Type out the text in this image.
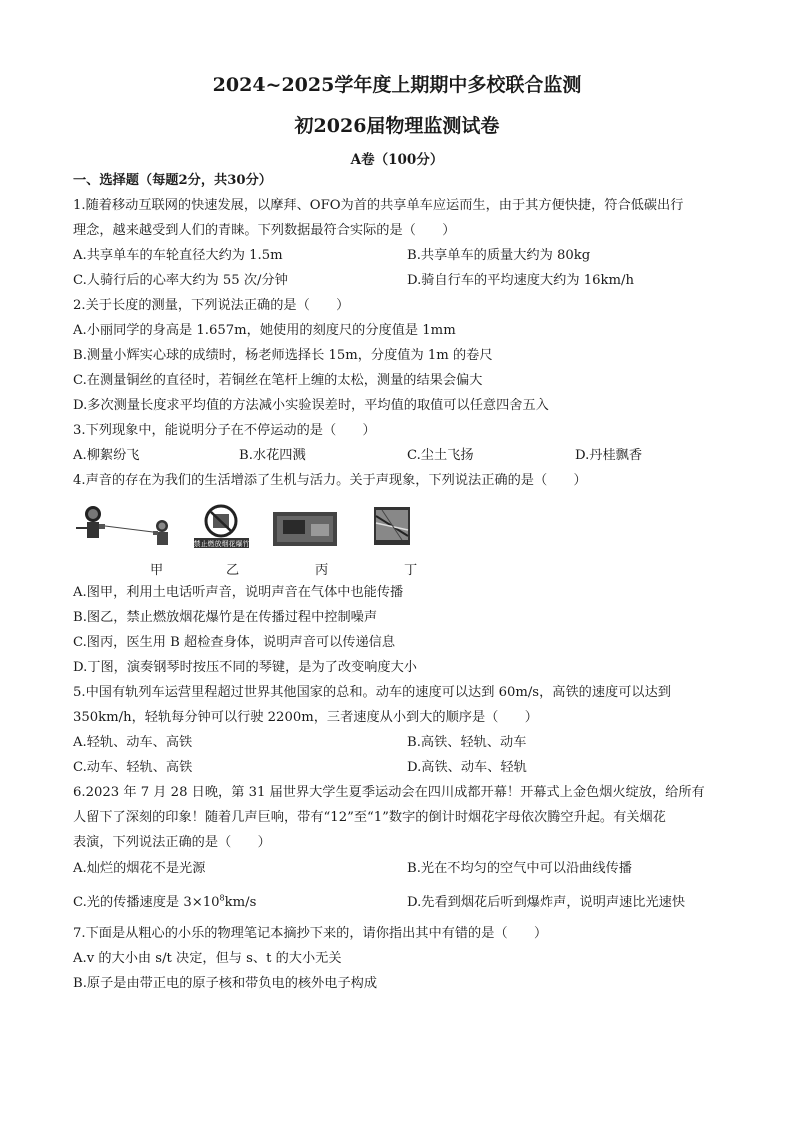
2024~2025学年度上期期中多校联合监测
初2026届物理监测试卷
A卷（100分）
一、选择题（每题2分，共30分）
1.随着移动互联网的快速发展，以摩拜、OFO为首的共享单车应运而生，由于其方便快捷，符合低碳出行
理念，越来越受到人们的青睐。下列数据最符合实际的是（　　）
A.共享单车的车轮直径大约为 1.5m	B.共享单车的质量大约为 80kg
C.人骑行后的心率大约为 55 次/分钟	D.骑自行车的平均速度大约为 16km/h
2.关于长度的测量，下列说法正确的是（　　）
A.小丽同学的身高是 1.657m，她使用的刻度尺的分度值是 1mm
B.测量小辉实心球的成绩时，杨老师选择长 15m，分度值为 1m 的卷尺
C.在测量铜丝的直径时，若铜丝在笔杆上缠的太松，测量的结果会偏大
D.多次测量长度求平均值的方法减小实验误差时，平均值的取值可以任意四舍五入
3.下列现象中，能说明分子在不停运动的是（　　）
A.柳絮纷飞	B.水花四溅	C.尘土飞扬	D.丹桂飘香
4.声音的存在为我们的生活增添了生机与活力。关于声现象，下列说法正确的是（　　）
禁止燃放烟花爆竹
甲	乙	丙	丁
A.图甲，利用土电话听声音，说明声音在气体中也能传播
B.图乙，禁止燃放烟花爆竹是在传播过程中控制噪声
C.图丙，医生用 B 超检查身体，说明声音可以传递信息
D.丁图，演奏钢琴时按压不同的琴键，是为了改变响度大小
5.中国有轨列车运营里程超过世界其他国家的总和。动车的速度可以达到 60m/s，高铁的速度可以达到
350km/h，轻轨每分钟可以行驶 2200m，三者速度从小到大的顺序是（　　）
A.轻轨、动车、高铁	B.高铁、轻轨、动车
C.动车、轻轨、高铁	D.高铁、动车、轻轨
6.2023 年 7 月 28 日晚，第 31 届世界大学生夏季运动会在四川成都开幕！开幕式上金色烟火绽放，给所有
人留下了深刻的印象！随着几声巨响，带有“12”至“1”数字的倒计时烟花字母依次腾空升起。有关烟花
表演，下列说法正确的是（　　）
A.灿烂的烟花不是光源	B.光在不均匀的空气中可以沿曲线传播
C.光的传播速度是 $3\times 10^8km/s$	D.先看到烟花后听到爆炸声，说明声速比光速快
7.下面是从粗心的小乐的物理笔记本摘抄下来的，请你指出其中有错的是（　　）
A.v 的大小由 s/t 决定，但与 s、t 的大小无关
B.原子是由带正电的原子核和带负电的核外电子构成
